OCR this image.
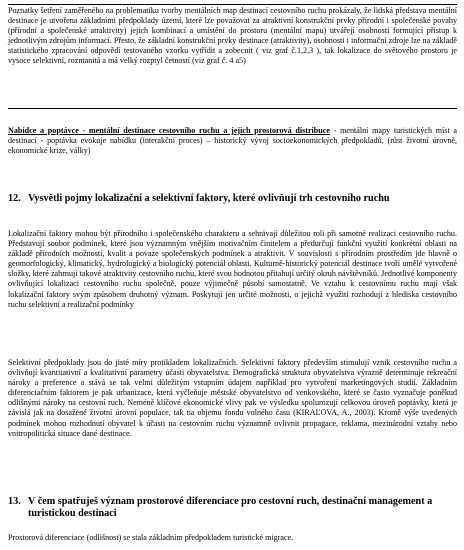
Poznatky šetření zaměřeného na problematiku tvorby mentálních map destinací cestovního ruchu prokázaly, že lidská představa mentální destinace je utvořena základními předpoklady území, které lze považovat za atraktivní konstrukční prvky přírodní i společenské povahy (přírodní a společenské atraktivity) jejich kombinací a umístění do prostoru (mentální mapu) utvářejí osobnosti formující přístup k jednotlivým zdrojům informací. Přesto, že základní konstrukční prvky destinace (atraktivity), osobnosti i informační zdroje lze na základě statistického zpracování odpovědí testovaného vzorku vytřídit a zobecnit ( viz graf č.1,2,3 ), tak lokalizace do světového prostoru je vysoce selektivní, rozmanitá a má velký rozptyl četností (viz graf č. 4 a5)

Nabídce a poptávce - mentální destinace cestovního ruchu a jejich prostorová distribuce - mentální mapy turistických míst a destinací - poptávka evokuje nabídku (interakční proces) – historický vývoj socioekonomických předpokladů, (růst životní úrovně, ekonomické krize, války)

12. Vysvětli pojmy lokalizační a selektivní faktory, které ovlivňují trh cestovního ruchu

Lokalizační faktory mohou být přírodního i společenského charakteru a sehrávají důležitou roli při samotné realizaci cestovního ruchu. Představují soubor podmínek, které jsou významným vnějším motivačním činitelem a předurčují funkční využití konkrétní oblasti na základě přírodních možností, kvalit a povaze společenských podmínek a atraktivit. V souvislosti s přírodním prostředím jde hlavně o geomorfologický, klimatický, hydrologický a biologický potenciál oblasti. Kulturně-historický potenciál destinace tvoří umělé vytvořené složky, které zahrnují takové atraktivity cestovního ruchu, které svou hodnotou přitahují určitý okruh návštěvníků. Jednotlivé komponenty ovlivňující lokalizaci cestovního ruchu společně, pouze výjimečně působí samostatně. Ve vztahu k cestovnímu ruchu mají však lokalizační faktory svým způsobem druhotný význam. Poskytují jen určité možnosti, o jejichž využití rozhodují z hlediska cestovního ruchu selektivní a realizační podmínky

Selektivní předpoklady jsou do jisté míry protikladem lokalizačních. Selektivní faktory především stimulují vznik cestovního ruchu a ovlivňují kvantitativní a kvalitativní parametry účasti obyvatelstva. Demografická struktura obyvatelstva výrazně determinuje rekreační nároky a preference a stává se tak velmi důležitým vstupním údajem například pro vytvoření marketingových studií. Základním diferenciačním faktorem je pak urbanizace, která vyčleňuje městské obyvatelstvo od venkovského, které se často vyznačuje poněkud odlišnými nároky na cestovní ruch. Neméně klíčové ekonomické vlivy pak ve výsledku spolurozují celkovou úroveň poptávky, která je závislá jak na dosažené životní úrovni populace, tak na objemu fondu volného času (KIRAĽOVA, A., 2003). Kromě výše uvedených podmínek mohou rozhodnutí obyvatel k účasti na cestovním ruchu významně ovlivnit propagace, reklama, mezinárodní vztahy nebo vnitropolitická situace dané destinace.

13. V čem spatřuješ význam prostorové diferenciace pro cestovní ruch, destinační management a turistickou destinaci

Prostorová diferenciace (odlišnost) se stala základním předpokladem turistické migrace.
